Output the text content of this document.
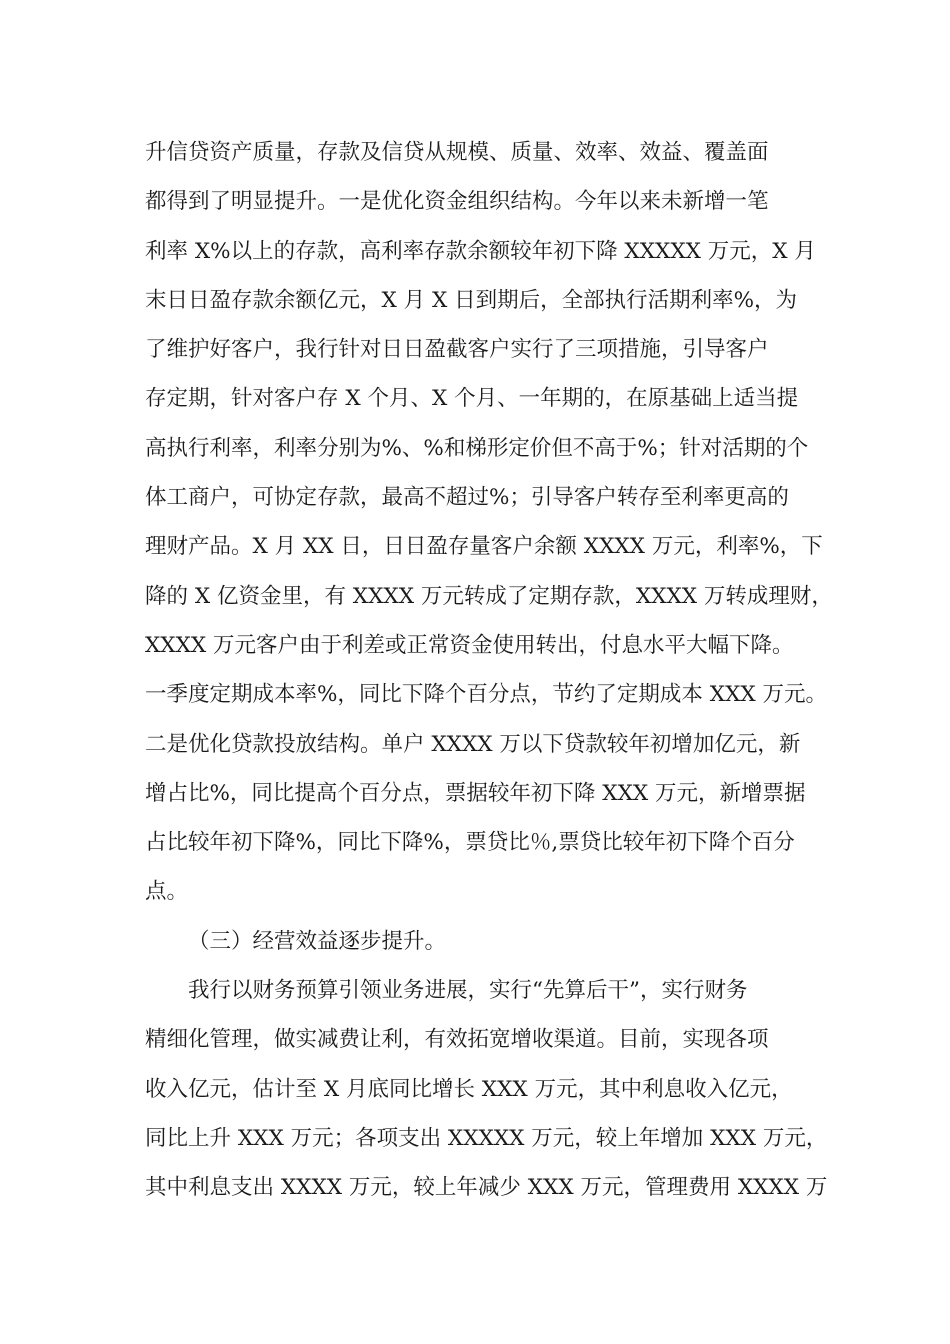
升信贷资产质量，存款及信贷从规模、质量、效率、效益、覆盖面
都得到了明显提升。一是优化资金组织结构。今年以来未新增一笔
利率 X%以上的存款，高利率存款余额较年初下降 XXXXX 万元，X 月
末日日盈存款余额亿元，X 月 X 日到期后，全部执行活期利率%，为
了维护好客户，我行针对日日盈截客户实行了三项措施，引导客户
存定期，针对客户存 X 个月、X 个月、一年期的，在原基础上适当提
高执行利率，利率分别为%、%和梯形定价但不高于%；针对活期的个
体工商户，可协定存款，最高不超过%；引导客户转存至利率更高的
理财产品。X 月 XX 日，日日盈存量客户余额 XXXX 万元，利率%，下
降的 X 亿资金里，有 XXXX 万元转成了定期存款，XXXX 万转成理财，
XXXX 万元客户由于利差或正常资金使用转出，付息水平大幅下降。
一季度定期成本率%，同比下降个百分点，节约了定期成本 XXX 万元。
二是优化贷款投放结构。单户 XXXX 万以下贷款较年初增加亿元，新
增占比%，同比提高个百分点，票据较年初下降 XXX 万元，新增票据
占比较年初下降%，同比下降%，票贷比％,票贷比较年初下降个百分
点。
（三）经营效益逐步提升。
我行以财务预算引领业务进展，实行“先算后干”，实行财务
精细化管理，做实减费让利，有效拓宽增收渠道。目前，实现各项
收入亿元，估计至 X 月底同比增长 XXX 万元，其中利息收入亿元，
同比上升 XXX 万元；各项支出 XXXXX 万元，较上年增加 XXX 万元，
其中利息支出 XXXX 万元，较上年减少 XXX 万元，管理费用 XXXX 万
